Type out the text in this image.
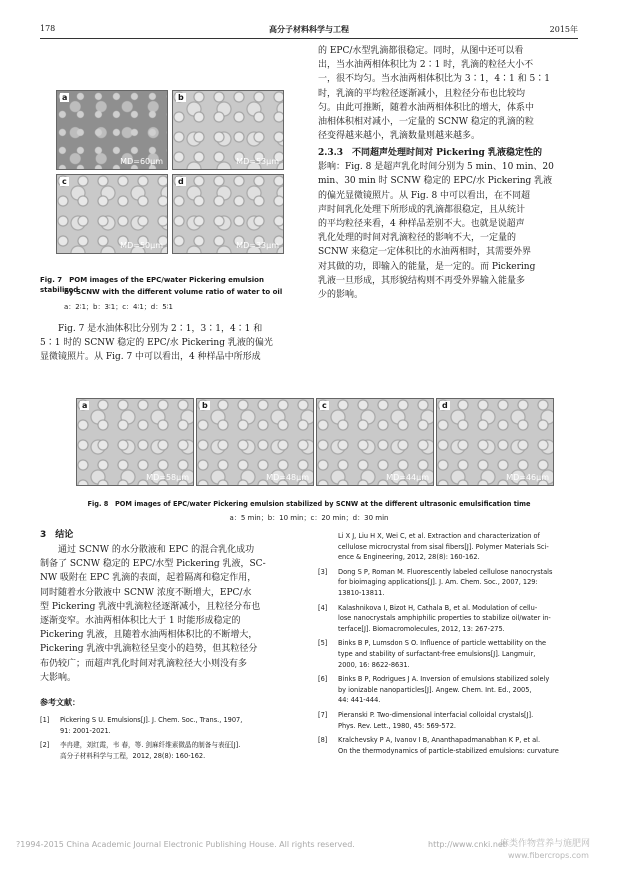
178	高分子材料科学与工程	2015年
a
MD=60μm
b
MD=53μm
c
MD=50μm
d
MD=33μm
Fig. 7　POM images of the EPC/water Pickering emulsion stabilized
by SCNW with the different volume ratio of water to oil
a：2∶1；b：3∶1；c：4∶1；d：5∶1
Fig. 7 是水油体积比分别为 2∶1，3∶1，4∶1 和
5∶1 时的 SCNW 稳定的 EPC/水 Pickering 乳液的偏光
显微镜照片。从 Fig. 7 中可以看出，4 种样品中所形成
的 EPC/水型乳滴都很稳定。同时，从图中还可以看
出，当水油两相体积比为 2∶1 时，乳滴的粒径大小不
一，很不均匀。当水油两相体积比为 3∶1，4∶1 和 5∶1
时，乳滴的平均粒径逐渐减小，且粒径分布也比较均
匀。由此可推断，随着水油两相体积比的增大，体系中
油相体积相对减小，一定量的 SCNW 稳定的乳滴的粒
径变得越来越小，乳滴数量则越来越多。
2.3.3　不同超声处理时间对 Pickering 乳液稳定性的
影响：Fig. 8 是超声乳化时间分别为 5 min、10 min、20
min、30 min 时 SCNW 稳定的 EPC/水 Pickering 乳液
的偏光显微镜照片。从 Fig. 8 中可以看出，在不同超
声时间乳化处理下所形成的乳滴都很稳定，且从统计
的平均粒径来看，4 种样品差别不大。也就是说超声
乳化处理的时间对乳滴粒径的影响不大，一定量的
SCNW 来稳定一定体积比的水油两相时，其需要外界
对其做的功，即输入的能量，是一定的。而 Pickering
乳液一旦形成，其形貌结构则不再受外界输入能量多
少的影响。
a
MD=58μm
b
MD=48μm
c
MD=44μm
d
MD=46μm
Fig. 8　POM images of EPC/water Pickering emulsion stabilized by SCNW at the different ultrasonic emulsification time
a：5 min；b：10 min；c：20 min；d：30 min
3　结论
通过 SCNW 的水分散液和 EPC 的混合乳化成功
制备了 SCNW 稳定的 EPC/水型 Pickering 乳液，SC-
NW 吸附在 EPC 乳滴的表面，起着隔离和稳定作用，
同时随着水分散液中 SCNW 浓度不断增大，EPC/水
型 Pickering 乳液中乳滴粒径逐渐减小，且粒径分布也
逐渐变窄。水油两相体积比大于 1 时能形成稳定的
Pickering 乳液，且随着水油两相体积比的不断增大，
Pickering 乳液中乳滴粒径呈变小的趋势，但其粒径分
布仍较广；而超声乳化时间对乳滴粒径大小则没有多
大影响。
参考文献：
[1]	Pickering S U. Emulsions[J]. J. Chem. Soc., Trans., 1907,
91: 2001-2021.
[2]	李冉建，刘红霞，韦 春，等. 剑麻纤维素微晶的制备与表征[J].
高分子材料科学与工程，2012, 28(8): 160-162.
Li X J, Liu H X, Wei C, et al. Extraction and characterization of
cellulose microcrystal from sisal fibers[J]. Polymer Materials Sci-
ence & Engineering, 2012, 28(8): 160-162.
[3]	Dong S P, Roman M. Fluorescently labeled cellulose nanocrystals
for bioimaging applications[J]. J. Am. Chem. Soc., 2007, 129:
13810-13811.
[4]	Kalashnikova I, Bizot H, Cathala B, et al. Modulation of cellu-
lose nanocrystals amphiphilic properties to stabilize oil/water in-
terface[J]. Biomacromolecules, 2012, 13: 267-275.
[5]	Binks B P, Lumsdon S O. Influence of particle wettability on the
type and stability of surfactant-free emulsions[J]. Langmuir,
2000, 16: 8622-8631.
[6]	Binks B P, Rodrigues J A. Inversion of emulsions stabilized solely
by ionizable nanoparticles[J]. Angew. Chem. Int. Ed., 2005,
44: 441-444.
[7]	Pieranski P. Two-dimensional interfacial colloidal crystals[J].
Phys. Rev. Lett., 1980, 45: 569-572.
[8]	Kralchevsky P A, Ivanov I B, Ananthapadmanabhan K P, et al.
On the thermodynamics of particle-stabilized emulsions: curvature
?1994-2015 China Academic Journal Electronic Publishing House. All rights reserved.	http://www.cnki.net
麻类作物营养与施肥网
www.fibercrops.com
